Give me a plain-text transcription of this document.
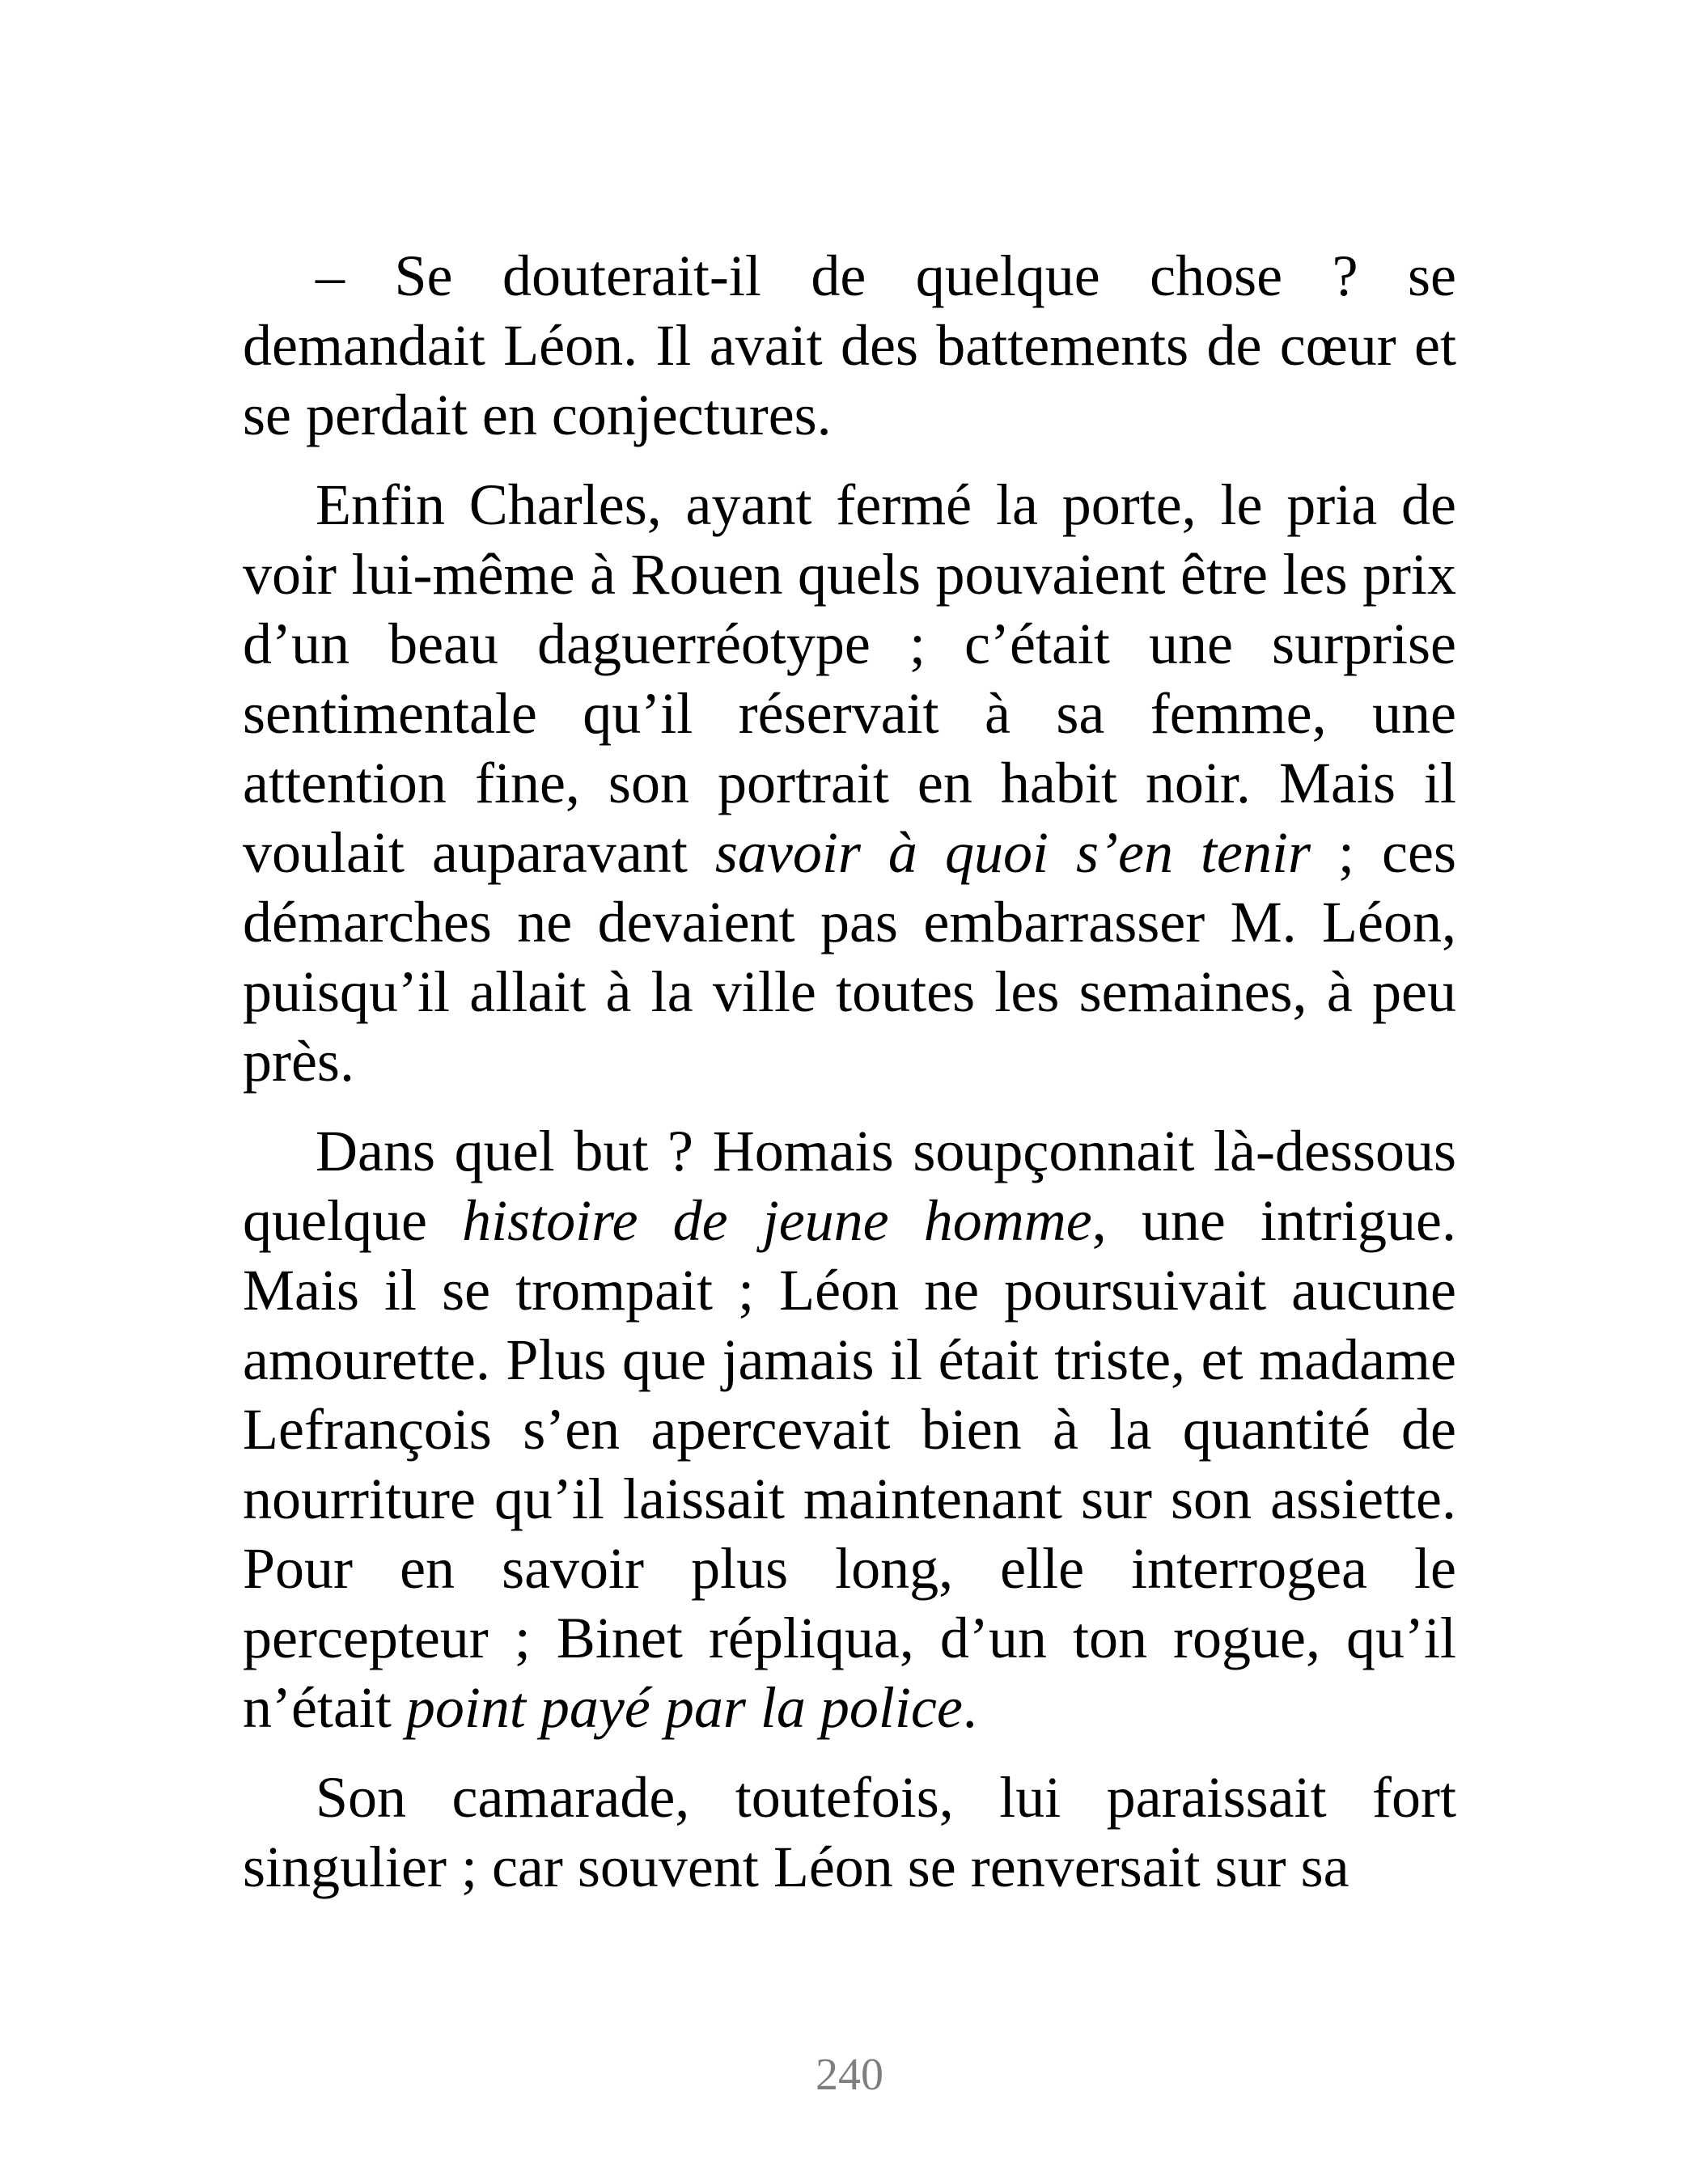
– Se douterait-il de quelque chose ? se demandait Léon. Il avait des battements de cœur et se perdait en conjectures.

Enfin Charles, ayant fermé la porte, le pria de voir lui-même à Rouen quels pouvaient être les prix d’un beau daguerréotype ; c’était une surprise sentimentale qu’il réservait à sa femme, une attention fine, son portrait en habit noir. Mais il voulait auparavant savoir à quoi s’en tenir ; ces démarches ne devaient pas embarrasser M. Léon, puisqu’il allait à la ville toutes les semaines, à peu près.

Dans quel but ? Homais soupçonnait là-dessous quelque histoire de jeune homme, une intrigue. Mais il se trompait ; Léon ne poursuivait aucune amourette. Plus que jamais il était triste, et madame Lefrançois s’en apercevait bien à la quantité de nourriture qu’il laissait maintenant sur son assiette. Pour en savoir plus long, elle interrogea le percepteur ; Binet répliqua, d’un ton rogue, qu’il n’était point payé par la police.

Son camarade, toutefois, lui paraissait fort singulier ; car souvent Léon se renversait sur sa

240
